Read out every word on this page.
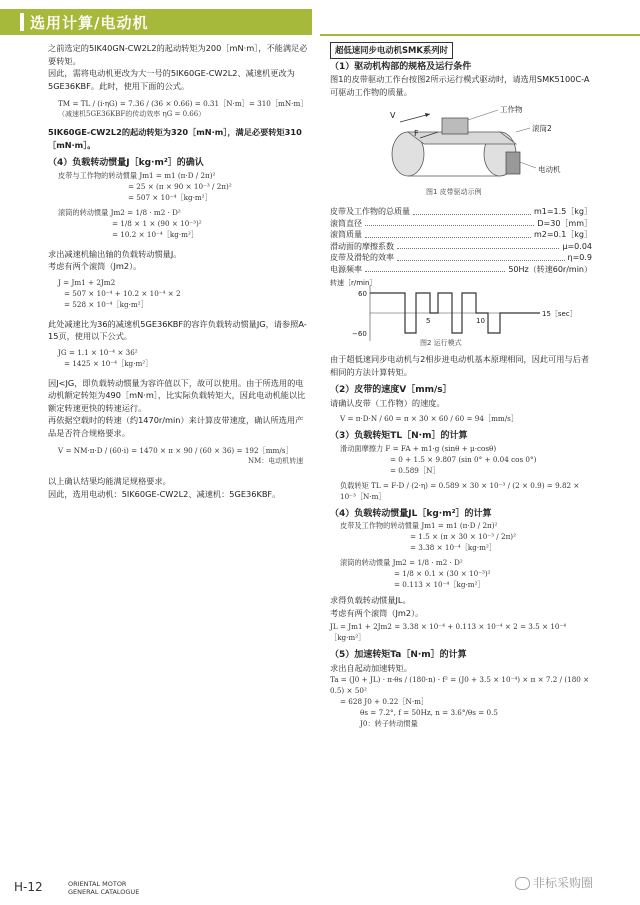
选用计算/电动机

之前选定的5IK40GN-CW2L2的起动转矩为200［mN·m］，不能满足必要转矩。

因此，需将电动机更改为大一号的5IK60GE-CW2L2、减速机更改为5GE36KBF。此时，使用下面的公式。

TM = TL / (i·ηG) = 7.36 / (36 × 0.66) = 0.31［N·m］= 310［mN·m］
（减速机5GE36KBF的传动效率 ηG = 0.66）

5IK60GE-CW2L2的起动转矩为320［mN·m］，满足必要转矩310［mN·m］。

（4）负载转动惯量J［kg·m²］的确认
皮带与工作物的转动惯量 Jm1 = m1 (π·D / 2π)²
= 25 × (π × 90 × 10⁻³ / 2π)²
= 507 × 10⁻⁴［kg·m²］
滚筒的转动惯量 Jm2 = 1/8 · m2 · D²
= 1/8 × 1 × (90 × 10⁻³)²
= 10.2 × 10⁻⁴［kg·m²］

求出减速机输出轴的负载转动惯量J。

考虑有两个滚筒（Jm2）。

J = Jm1 + 2Jm2
= 507 × 10⁻⁴ + 10.2 × 10⁻⁴ × 2
= 528 × 10⁻⁴［kg·m²］

此处减速比为36的减速机5GE36KBF的容许负载转动惯量JG，请参照A-15页，使用以下公式。

JG = 1.1 × 10⁻⁴ × 36²
= 1425 × 10⁻⁴［kg·m²］

因J<JG，即负载转动惯量为容许值以下，故可以使用。由于所选用的电动机额定转矩为490［mN·m］，比实际负载转矩大，因此电动机能以比额定转速更快的转速运行。

再依据空载时的转速（约1470r/min）来计算皮带速度，确认所选用产品是否符合规格要求。

V = NM·π·D / (60·i) = 1470 × π × 90 / (60 × 36) = 192［mm/s］
NM：电动机转速

以上确认结果均能满足规格要求。

因此，选用电动机：5IK60GE-CW2L2、减速机：5GE36KBF。

超低速同步电动机SMK系列时
（1）驱动机构部的规格及运行条件

图1的皮带驱动工作台按图2所示运行模式驱动时，请选用SMK5100C-A可驱动工作物的质量。

V
F
工作物
滚筒2
电动机
图1 皮带驱动示例
皮带及工作物的总质量	m1=1.5［kg］
滚筒直径	D=30［mm］
滚筒质量	m2=0.1［kg］
滑动面的摩擦系数	μ=0.04
皮带及滑轮的效率	η=0.9
电源频率	50Hz（转速60r/min）
转速［r/min］
60
−60
5	10
15［sec］
图2 运行模式

由于超低速同步电动机与2相步进电动机基本原理相同，因此可用与后者相同的方法计算转矩。

（2）皮带的速度V［mm/s］

请确认皮带（工作物）的速度。

V = π·D·N / 60 = π × 30 × 60 / 60 = 94［mm/s］
（3）负载转矩TL［N·m］的计算
滑动面摩擦力 F = FA + m1·g (sinθ + μ·cosθ)
= 0 + 1.5 × 9.807 (sin 0° + 0.04 cos 0°)
= 0.589［N］
负载转矩 TL = F·D / (2·η) = 0.589 × 30 × 10⁻³ / (2 × 0.9) = 9.82 × 10⁻³［N·m］
（4）负载转动惯量JL［kg·m²］的计算
皮带及工作物的转动惯量 Jm1 = m1 (π·D / 2π)²
= 1.5 × (π × 30 × 10⁻³ / 2π)²
= 3.38 × 10⁻⁴［kg·m²］
滚筒的转动惯量 Jm2 = 1/8 · m2 · D²
= 1/8 × 0.1 × (30 × 10⁻³)²
= 0.113 × 10⁻⁴［kg·m²］

求得负载转动惯量JL。

考虑有两个滚筒（Jm2）。

JL = Jm1 + 2Jm2 = 3.38 × 10⁻⁴ + 0.113 × 10⁻⁴ × 2 = 3.5 × 10⁻⁴［kg·m²］
（5）加速转矩Ta［N·m］的计算

求出自起动加速转矩。

Ta = (J0 + JL) · π·θs / (180·n) · f² = (J0 + 3.5 × 10⁻⁴) × π × 7.2 / (180 × 0.5) × 50²
= 628 J0 + 0.22［N·m］
θs = 7.2°, f = 50Hz, n = 3.6°/θs = 0.5
J0：转子转动惯量
H-12	ORIENTAL MOTOR
GENERAL CATALOGUE
非标采购圈
